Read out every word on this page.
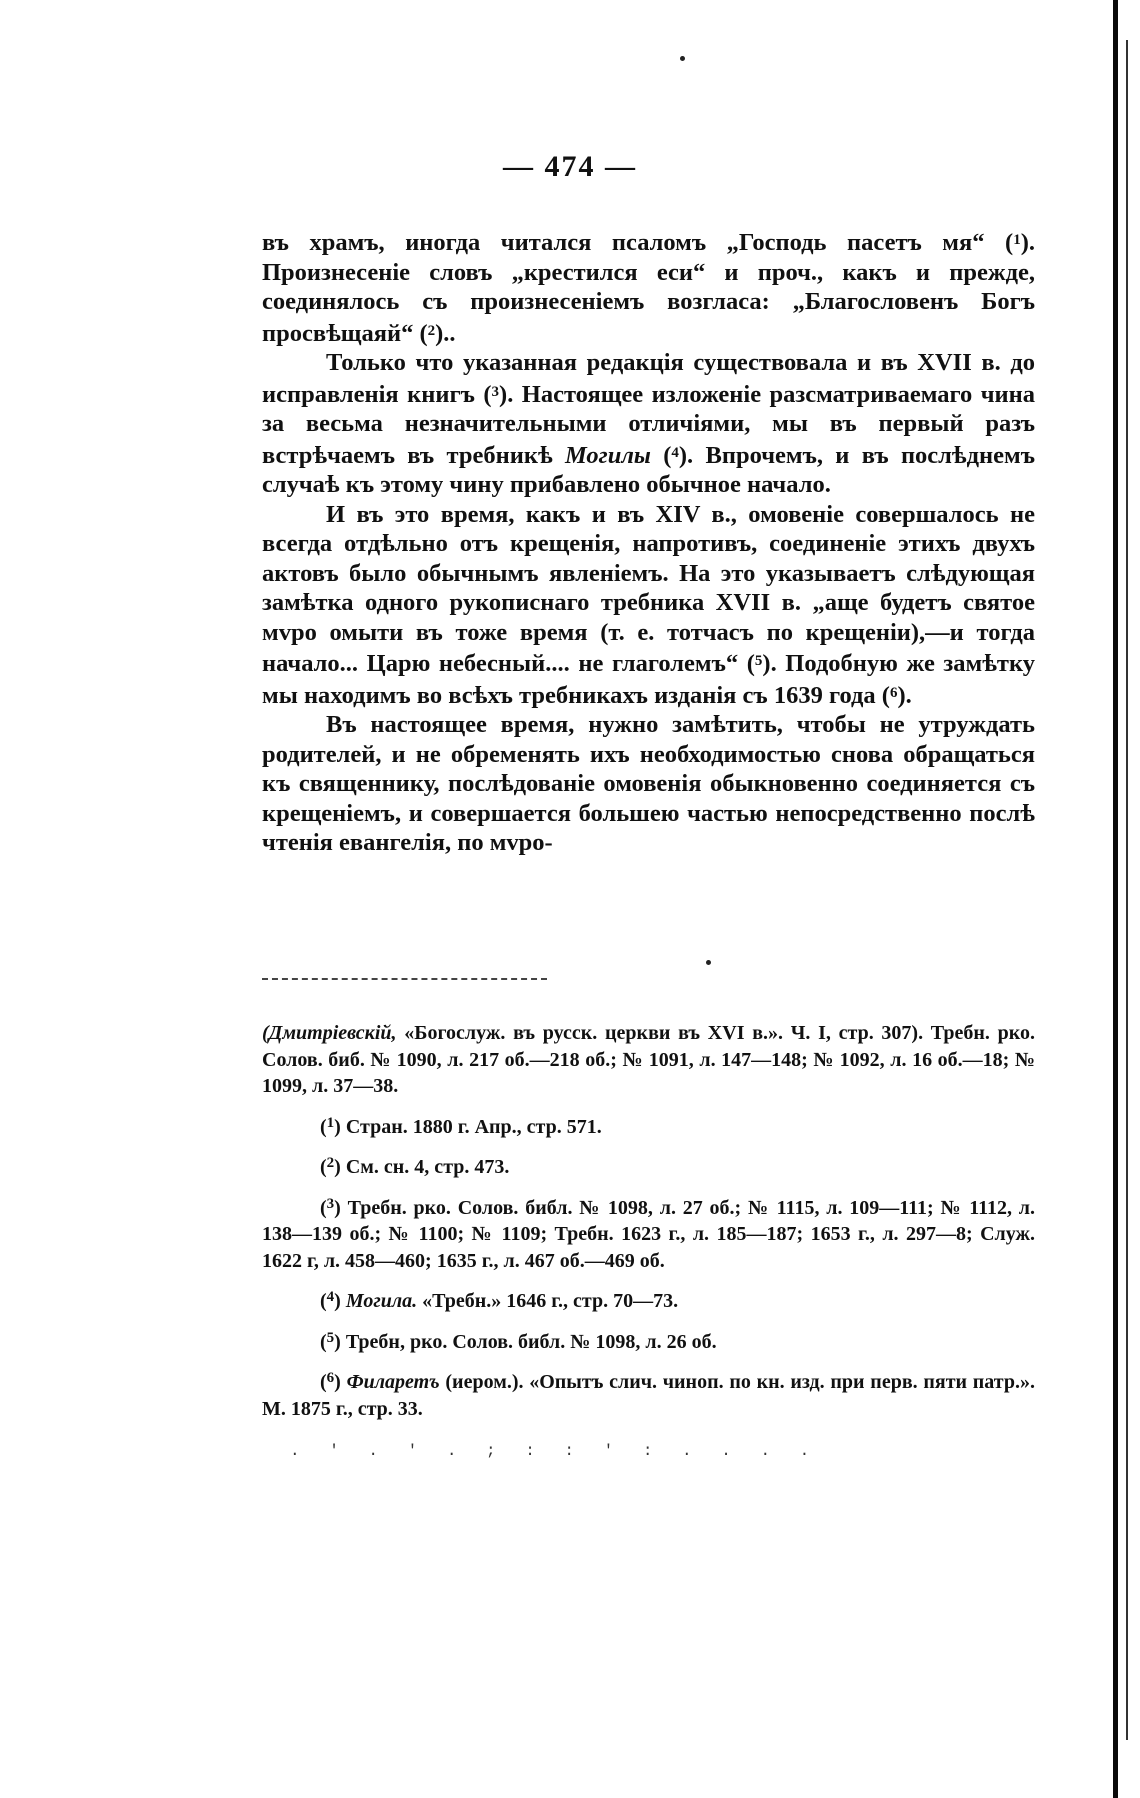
— 474 —

въ храмъ, иногда читался псаломъ „Господь пасетъ мя“ ($^1$). Произнесеніе словъ „крестился еси“ и проч., какъ и прежде, соединялось съ произнесеніемъ возгласа: „Благословенъ Богъ просвѣщаяй“ ($^2$)..

Только что указанная редакція существовала и въ XVII в. до исправленія книгъ ($^3$). Настоящее изложеніе разсматриваемаго чина за весьма незначительными отличіями, мы въ первый разъ встрѣчаемъ въ требникѣ Могилы ($^4$). Впрочемъ, и въ послѣднемъ случаѣ къ этому чину прибавлено обычное начало.

И въ это время, какъ и въ XIV в., омовеніе совершалось не всегда отдѣльно отъ крещенія, напротивъ, соединеніе этихъ двухъ актовъ было обычнымъ явленіемъ. На это указываетъ слѣдующая замѣтка одного рукописнаго требника XVII в. „аще будетъ святое мvро омыти въ тоже время (т. е. тотчасъ по крещеніи),—и тогда начало... Царю небесный.... не глаголемъ“ ($^5$). Подобную же замѣтку мы находимъ во всѣхъ требникахъ изданія съ 1639 года ($^6$).

Въ настоящее время, нужно замѣтить, чтобы не утруждать родителей, и не обременять ихъ необходимостью снова обращаться къ священнику, послѣдованіе омовенія обыкновенно соединяется съ крещеніемъ, и совершается большею частью непосредственно послѣ чтенія евангелія, по мvро-

(Дмитріевскій, «Богослуж. въ русск. церкви въ XVI в.». Ч. I, стр. 307). Требн. рко. Солов. биб. № 1090, л. 217 об.—218 об.; № 1091, л. 147—148; № 1092, л. 16 об.—18; № 1099, л. 37—38.

($^1$) Стран. 1880 г. Апр., стр. 571.

($^2$) См. сн. 4, стр. 473.

($^3$) Требн. рко. Солов. библ. № 1098, л. 27 об.; № 1115, л. 109—111; № 1112, л. 138—139 об.; № 1100; № 1109; Требн. 1623 г., л. 185—187; 1653 г., л. 297—8; Служ. 1622 г, л. 458—460; 1635 г., л. 467 об.—469 об.

($^4$) Могила. «Требн.» 1646 г., стр. 70—73.

($^5$) Требн, рко. Солов. библ. № 1098, л. 26 об.

($^6$) Филаретъ (иером.). «Опытъ слич. чиноп. по кн. изд. при перв. пяти патр.». М. 1875 г., стр. 33.

. ' . ' . ; : : ' : . . . .
